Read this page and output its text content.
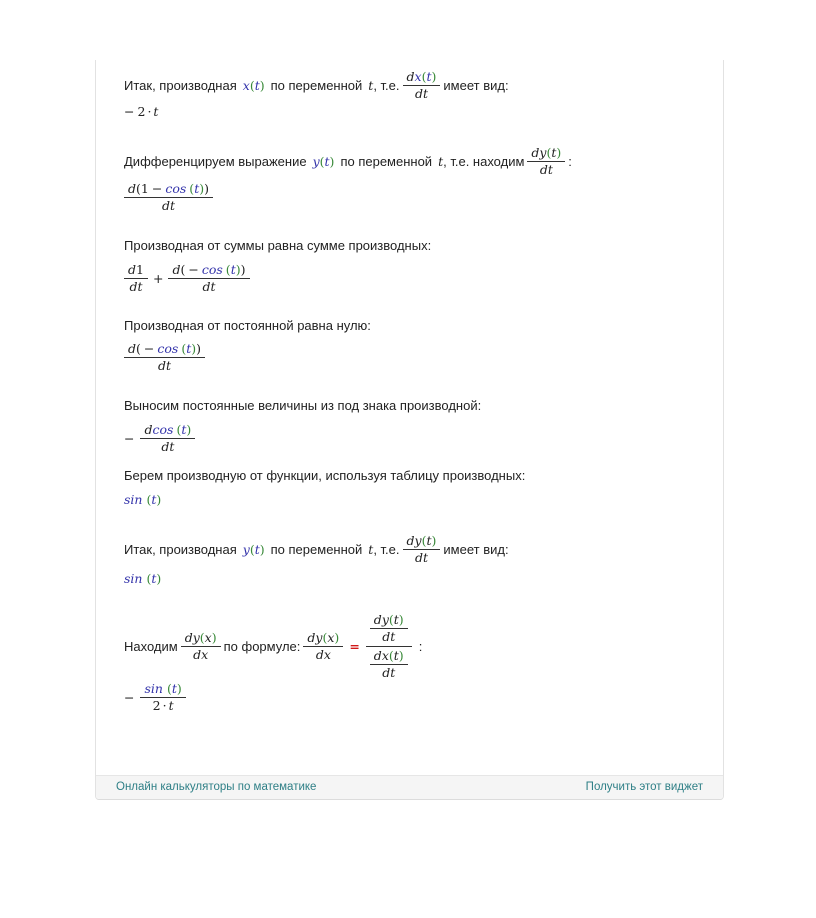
Итак, производная x ( t ) по переменной t , т.е. $\frac{dx(t)}{dt}$ имеет вид:
− 2 · t
Дифференцируем выражение y ( t ) по переменной t , т.е. находим $\frac{dy(t)}{dt}$ :
$\frac{d(1 - \cos (t))}{dt}$
Производная от суммы равна сумме производных:
$\frac{d1}{dt} + \frac{d( - \cos (t))}{dt}$
Производная от постоянной равна нулю:
$\frac{d( - \cos (t))}{dt}$
Выносим постоянные величины из под знака производной:
− $\frac{dcos (t)}{dt}$
Берем производную от функции, используя таблицу производных:
sin ( t )
Итак, производная y ( t ) по переменной t , т.е. $\frac{dy(t)}{dt}$ имеет вид:
sin ( t )
Находим $\frac{dy(x)}{dx}$ по формуле: $\frac{dy(x)}{dx} = \frac{\frac{dy(t)}{dt}}{\frac{dx(t)}{dt}}$ :
− $\frac{\sin (t)}{2 \cdot t}$
Онлайн калькуляторы по математике	Получить этот виджет
